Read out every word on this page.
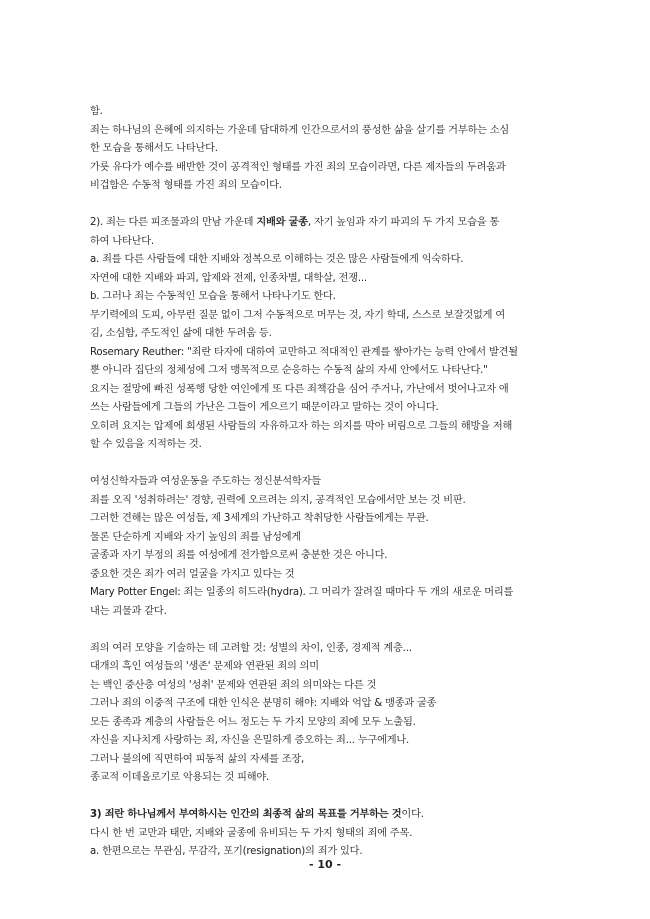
함.
죄는 하나님의 은혜에 의지하는 가운데 담대하게 인간으로서의 풍성한 삶을 살기를 거부하는 소심
한 모습을 통해서도 나타난다.
가룟 유다가 예수를 배반한 것이 공격적인 형태를 가진 죄의 모습이라면, 다른 제자들의 두려움과
비겁함은 수동적 형태를 가진 죄의 모습이다.
2). 죄는 다른 피조물과의 만남 가운데 지배와 굴종, 자기 높임과 자기 파괴의 두 가지 모습을 통
하여 나타난다.
a. 죄를 다른 사람들에 대한 지배와 정복으로 이해하는 것은 많은 사람들에게 익숙하다.
자연에 대한 지배와 파괴, 압제와 전제, 인종차별, 대학살, 전쟁...
b. 그러나 죄는 수동적인 모습을 통해서 나타나기도 한다.
무기력에의 도피, 아무런 질문 없이 그저 수동적으로 머무는 것, 자기 학대, 스스로 보잘것없게 여
김, 소심함, 주도적인 삶에 대한 두려움 등.
Rosemary Reuther: "죄란 타자에 대하여 교만하고 적대적인 관계를 쌓아가는 능력 안에서 발견될
뿐 아니라 집단의 정체성에 그저 맹목적으로 순응하는 수동적 삶의 자세 안에서도 나타난다."
요지는 절망에 빠진 성폭행 당한 여인에게 또 다른 죄책감을 심어 주거나, 가난에서 벗어나고자 애
쓰는 사람들에게 그들의 가난은 그들이 게으르기 때문이라고 말하는 것이 아니다.
오히려 요지는 압제에 희생된 사람들의 자유하고자 하는 의지를 막아 버림으로 그들의 해방을 저해
할 수 있음을 지적하는 것.
여성신학자들과 여성운동을 주도하는 정신분석학자들
죄를 오직 '성취하려는' 경향, 권력에 오르려는 의지, 공격적인 모습에서만 보는 것 비판.
그러한 견해는 많은 여성들, 제 3세계의 가난하고 착취당한 사람들에게는 무관.
물론 단순하게 지배와 자기 높임의 죄를 남성에게
굴종과 자기 부정의 죄를 여성에게 전가함으로써 충분한 것은 아니다.
중요한 것은 죄가 여러 얼굴을 가지고 있다는 것
Mary Potter Engel: 죄는 일종의 히드라(hydra). 그 머리가 잘려질 때마다 두 개의 새로운 머리를
내는 괴물과 같다.
죄의 여러 모양을 기술하는 데 고려할 것: 성별의 차이, 인종, 경제적 계층...
대개의 흑인 여성들의 '생존' 문제와 연관된 죄의 의미
는 백인 중산층 여성의 '성취' 문제와 연관된 죄의 의미와는 다른 것
그러나 죄의 이중적 구조에 대한 인식은 분명히 해야: 지배와 억압 & 맹종과 굴종
모든 종족과 계층의 사람들은 어느 정도는 두 가지 모양의 죄에 모두 노출됨.
자신을 지나치게 사랑하는 죄, 자신을 은밀하게 증오하는 죄... 누구에게나.
그러나 불의에 직면하여 피동적 삶의 자세를 조장,
종교적 이데올로기로 악용되는 것 피해야.
3) 죄란 하나님께서 부여하시는 인간의 최종적 삶의 목표를 거부하는 것이다.
다시 한 번 교만과 태만, 지배와 굴종에 유비되는 두 가지 형태의 죄에 주목.
a. 한편으로는 무관심, 무감각, 포기(resignation)의 죄가 있다.
- 10 -
